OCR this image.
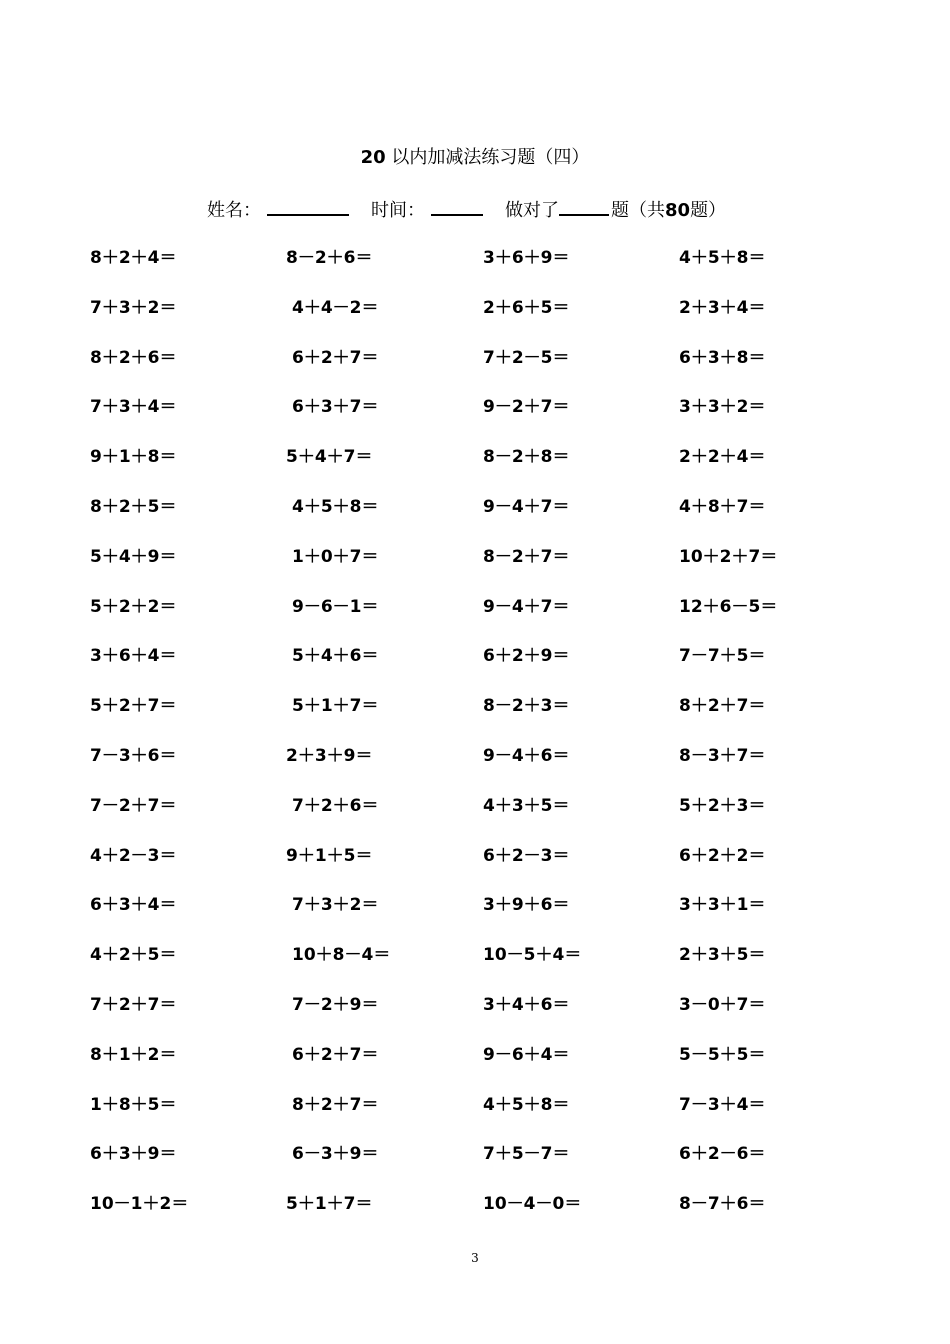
20 以内加减法练习题（四）
姓名：	时间：	做对了	题（共80题）
8＋2＋4＝	8－2＋6＝	3＋6＋9＝	4＋5＋8＝
7＋3＋2＝	4＋4－2＝	2＋6＋5＝	2＋3＋4＝
8＋2＋6＝	6＋2＋7＝	7＋2－5＝	6＋3＋8＝
7＋3＋4＝	6＋3＋7＝	9－2＋7＝	3＋3＋2＝
9＋1＋8＝	5＋4＋7＝	8－2＋8＝	2＋2＋4＝
8＋2＋5＝	4＋5＋8＝	9－4＋7＝	4＋8＋7＝
5＋4＋9＝	1＋0＋7＝	8－2＋7＝	10＋2＋7＝
5＋2＋2＝	9－6－1＝	9－4＋7＝	12＋6－5＝
3＋6＋4＝	5＋4＋6＝	6＋2＋9＝	7－7＋5＝
5＋2＋7＝	5＋1＋7＝	8－2＋3＝	8＋2＋7＝
7－3＋6＝	2＋3＋9＝	9－4＋6＝	8－3＋7＝
7－2＋7＝	7＋2＋6＝	4＋3＋5＝	5＋2＋3＝
4＋2－3＝	9＋1＋5＝	6＋2－3＝	6＋2＋2＝
6＋3＋4＝	7＋3＋2＝	3＋9＋6＝	3＋3＋1＝
4＋2＋5＝	10＋8－4＝	10－5＋4＝	2＋3＋5＝
7＋2＋7＝	7－2＋9＝	3＋4＋6＝	3－0＋7＝
8＋1＋2＝	6＋2＋7＝	9－6＋4＝	5－5＋5＝
1＋8＋5＝	8＋2＋7＝	4＋5＋8＝	7－3＋4＝
6＋3＋9＝	6－3＋9＝	7＋5－7＝	6＋2－6＝
10－1＋2＝	5＋1＋7＝	10－4－0＝	8－7＋6＝
3
